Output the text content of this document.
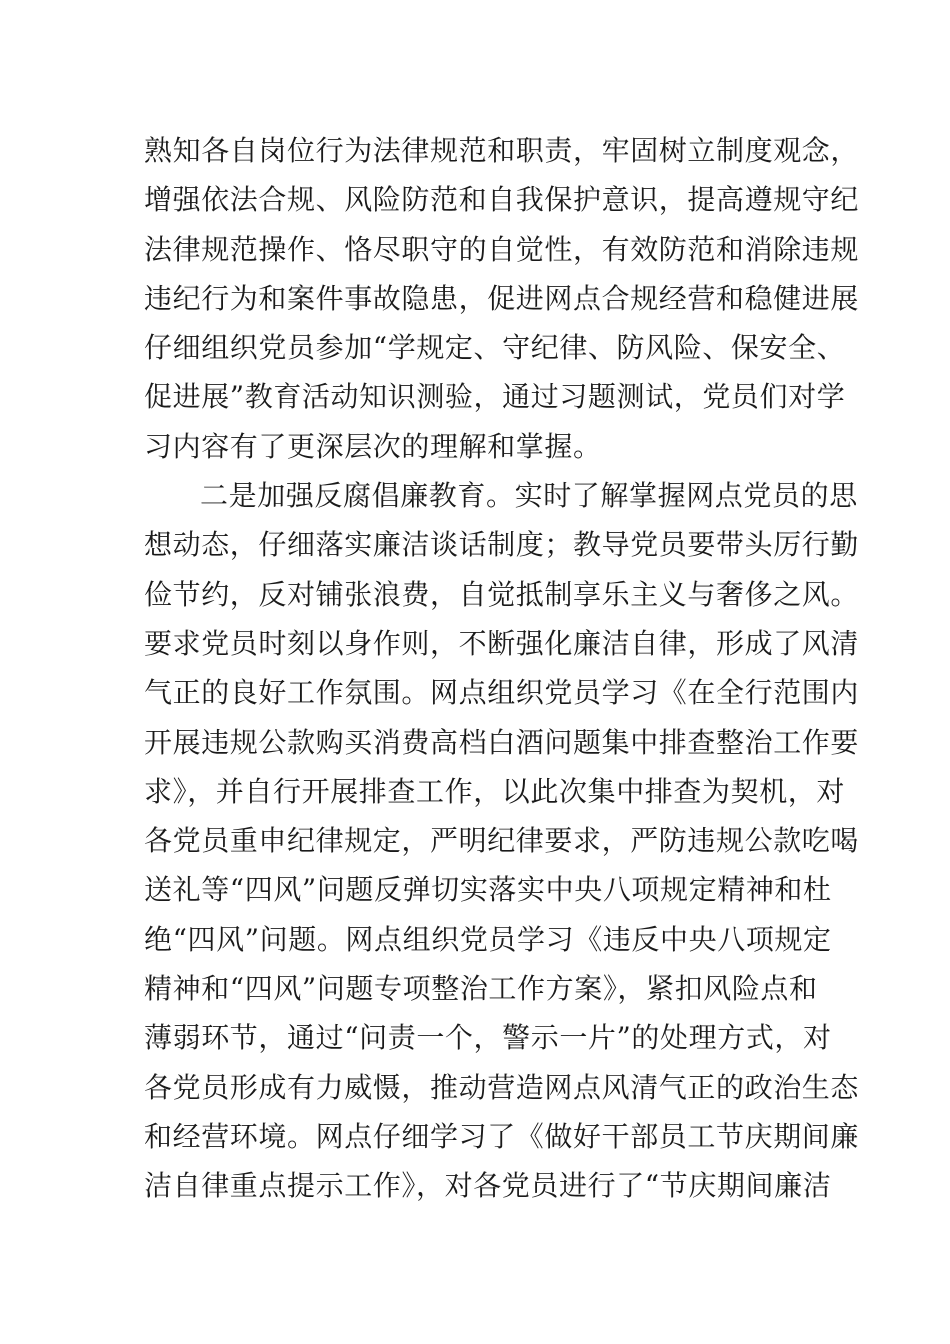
熟知各自岗位行为法律规范和职责，牢固树立制度观念，
增强依法合规、风险防范和自我保护意识，提高遵规守纪
法律规范操作、恪尽职守的自觉性，有效防范和消除违规
违纪行为和案件事故隐患，促进网点合规经营和稳健进展
仔细组织党员参加“学规定、守纪律、防风险、保安全、
促进展”教育活动知识测验，通过习题测试，党员们对学
习内容有了更深层次的理解和掌握。
二是加强反腐倡廉教育。实时了解掌握网点党员的思
想动态，仔细落实廉洁谈话制度；教导党员要带头厉行勤
俭节约，反对铺张浪费，自觉抵制享乐主义与奢侈之风。
要求党员时刻以身作则，不断强化廉洁自律，形成了风清
气正的良好工作氛围。网点组织党员学习《在全行范围内
开展违规公款购买消费高档白酒问题集中排查整治工作要
求》，并自行开展排查工作，以此次集中排查为契机，对
各党员重申纪律规定，严明纪律要求，严防违规公款吃喝
送礼等“四风”问题反弹切实落实中央八项规定精神和杜
绝“四风”问题。网点组织党员学习《违反中央八项规定
精神和“四风”问题专项整治工作方案》，紧扣风险点和
薄弱环节，通过“问责一个，警示一片”的处理方式，对
各党员形成有力威慑，推动营造网点风清气正的政治生态
和经营环境。网点仔细学习了《做好干部员工节庆期间廉
洁自律重点提示工作》，对各党员进行了“节庆期间廉洁
